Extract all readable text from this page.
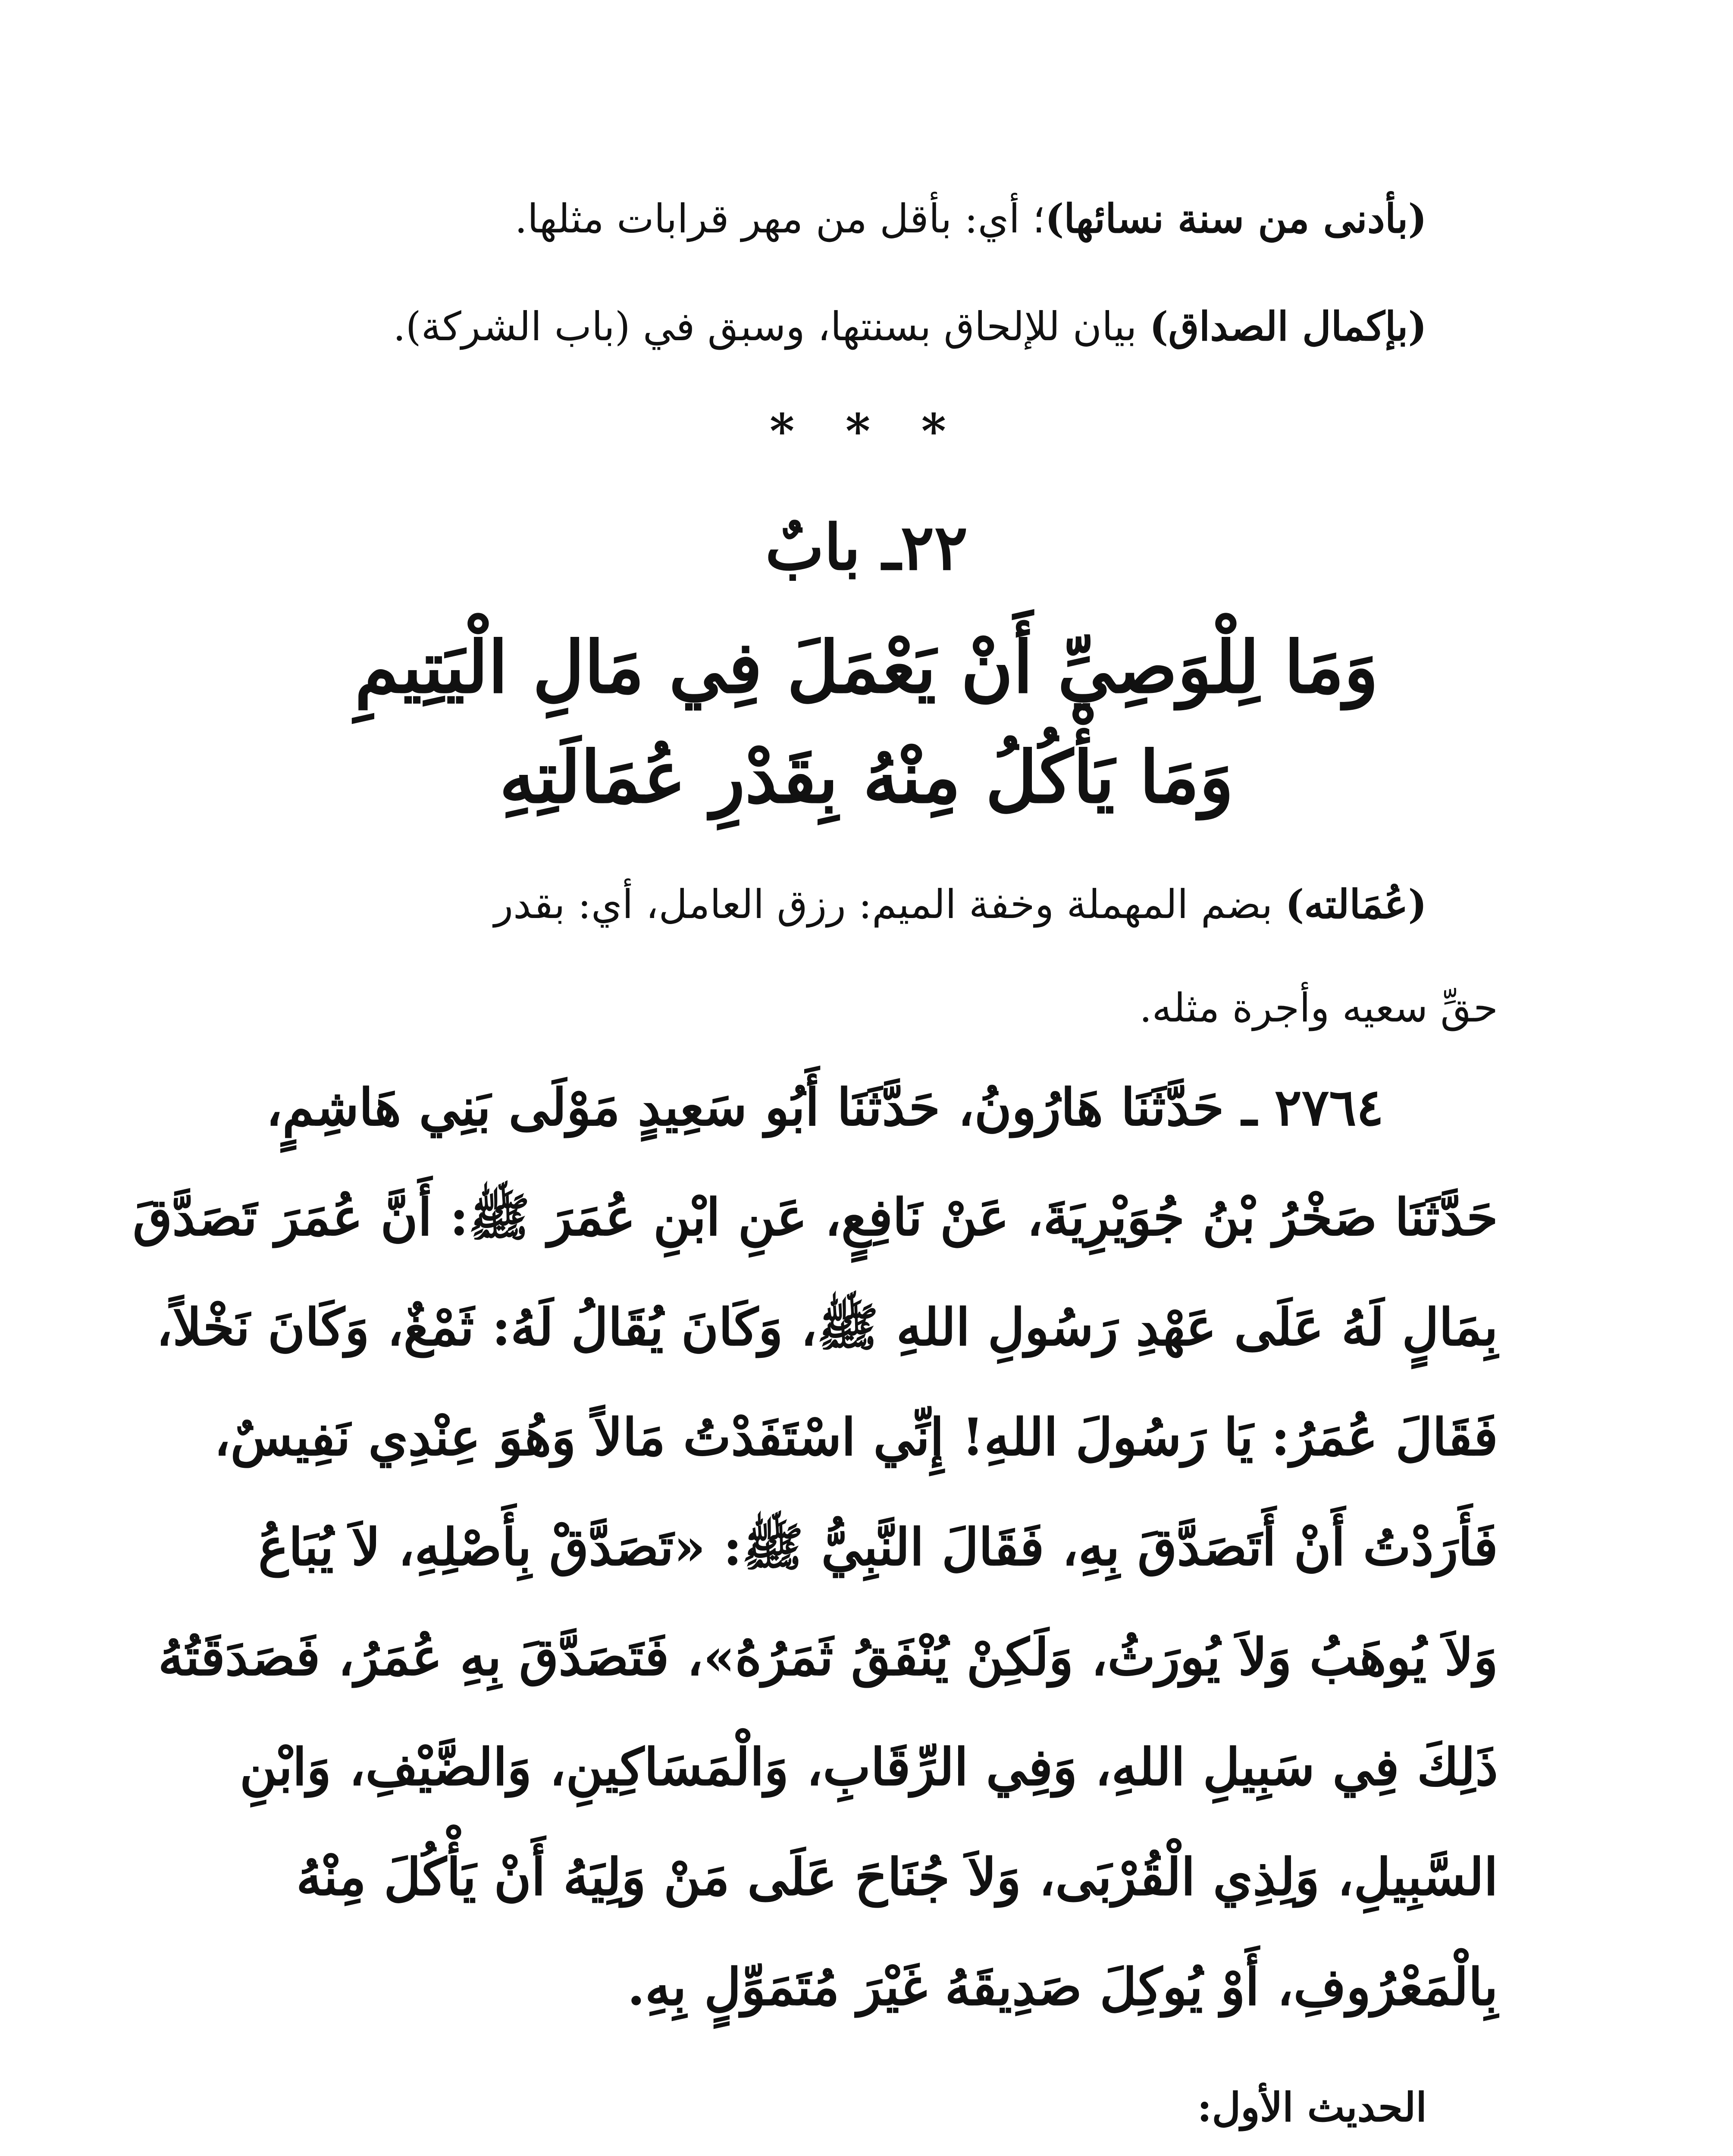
(بأدنى من سنة نسائها)؛ أي: بأقل من مهر قرابات مثلها.
(بإكمال الصداق) بيان للإلحاق بسنتها، وسبق في (باب الشركة).
* * *
٢٢ـ بابٌ
وَمَا لِلْوَصِيِّ أَنْ يَعْمَلَ فِي مَالِ الْيَتِيمِ
وَمَا يَأْكُلُ مِنْهُ بِقَدْرِ عُمَالَتِهِ
(عُمَالته) بضم المهملة وخفة الميم: رزق العامل، أي: بقدر
حقِّ سعيه وأجرة مثله.
٢٧٦٤ ـ حَدَّثَنَا هَارُونُ، حَدَّثَنَا أَبُو سَعِيدٍ مَوْلَى بَنِي هَاشِمٍ،
حَدَّثَنَا صَخْرُ بْنُ جُوَيْرِيَةَ، عَنْ نَافِعٍ، عَنِ ابْنِ عُمَرَ ﷺ: أَنَّ عُمَرَ تَصَدَّقَ
بِمَالٍ لَهُ عَلَى عَهْدِ رَسُولِ اللهِ ﷺ، وَكَانَ يُقَالُ لَهُ: ثَمْغٌ، وَكَانَ نَخْلاً،
فَقَالَ عُمَرُ: يَا رَسُولَ اللهِ! إِنِّي اسْتَفَدْتُ مَالاً وَهُوَ عِنْدِي نَفِيسٌ،
فَأَرَدْتُ أَنْ أَتَصَدَّقَ بِهِ، فَقَالَ النَّبِيُّ ﷺ: «تَصَدَّقْ بِأَصْلِهِ، لاَ يُبَاعُ
وَلاَ يُوهَبُ وَلاَ يُورَثُ، وَلَكِنْ يُنْفَقُ ثَمَرُهُ»، فَتَصَدَّقَ بِهِ عُمَرُ، فَصَدَقَتُهُ
ذَلِكَ فِي سَبِيلِ اللهِ، وَفِي الرِّقَابِ، وَالْمَسَاكِينِ، وَالضَّيْفِ، وَابْنِ
السَّبِيلِ، وَلِذِي الْقُرْبَى، وَلاَ جُنَاحَ عَلَى مَنْ وَلِيَهُ أَنْ يَأْكُلَ مِنْهُ
بِالْمَعْرُوفِ، أَوْ يُوكِلَ صَدِيقَهُ غَيْرَ مُتَمَوِّلٍ بِهِ.
الحديث الأول:
